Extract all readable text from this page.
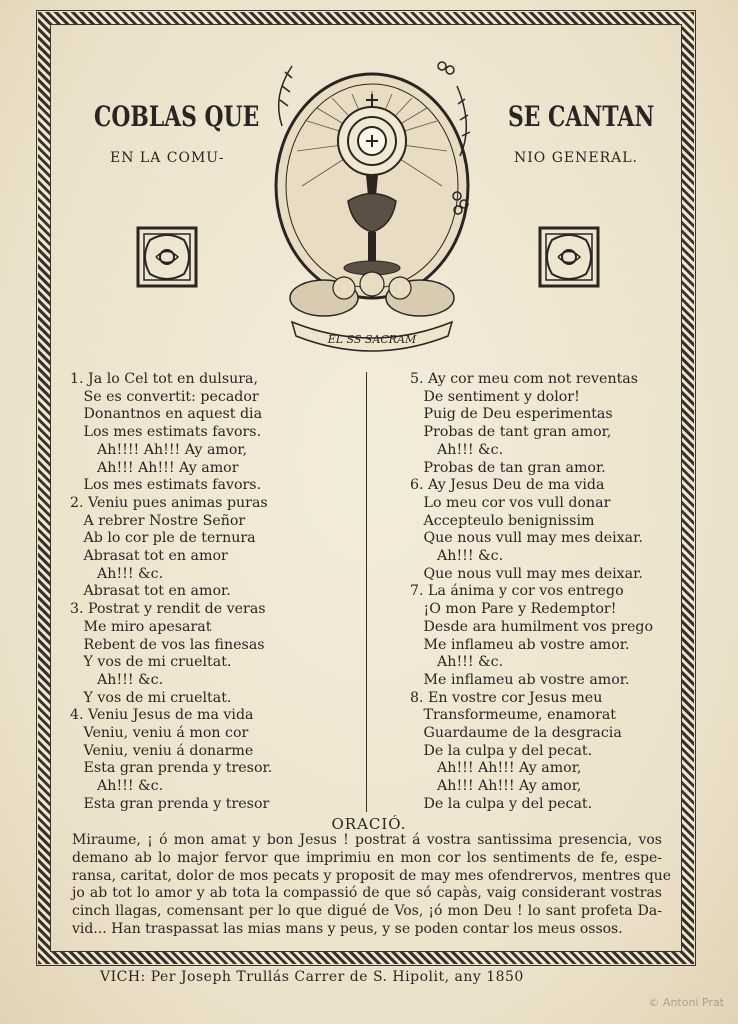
COBLAS QUE	SE CANTAN
EN LA COMU-	NIO GENERAL.
EL SS SACRAM
1. Ja lo Cel tot en dulsura,
Se es convertit: pecador
Donantnos en aquest dia
Los mes estimats favors.
Ah!!!! Ah!!! Ay amor,
Ah!!! Ah!!! Ay amor
Los mes estimats favors.
2. Veniu pues animas puras
A rebrer Nostre Señor
Ab lo cor ple de ternura
Abrasat tot en amor
Ah!!! &c.
Abrasat tot en amor.
3. Postrat y rendit de veras
Me miro apesarat
Rebent de vos las finesas
Y vos de mi crueltat.
Ah!!! &c.
Y vos de mi crueltat.
4. Veniu Jesus de ma vida
Veniu, veniu á mon cor
Veniu, veniu á donarme
Esta gran prenda y tresor.
Ah!!! &c.
Esta gran prenda y tresor
5. Ay cor meu com not reventas
De sentiment y dolor!
Puig de Deu esperimentas
Probas de tant gran amor,
Ah!!! &c.
Probas de tan gran amor.
6. Ay Jesus Deu de ma vida
Lo meu cor vos vull donar
Accepteulo benignissim
Que nous vull may mes deixar.
Ah!!! &c.
Que nous vull may mes deixar.
7. La ánima y cor vos entrego
¡O mon Pare y Redemptor!
Desde ara humilment vos prego
Me inflameu ab vostre amor.
Ah!!! &c.
Me inflameu ab vostre amor.
8. En vostre cor Jesus meu
Transformeume, enamorat
Guardaume de la desgracia
De la culpa y del pecat.
Ah!!! Ah!!! Ay amor,
Ah!!! Ah!!! Ay amor,
De la culpa y del pecat.
ORACIÓ.
Miraume, ¡ ó mon amat y bon Jesus ! postrat á vostra santissima presencia, vos
demano ab lo major fervor que imprimiu en mon cor los sentiments de fe, espe-
ransa, caritat, dolor de mos pecats y proposit de may mes ofendrervos, mentres que
jo ab tot lo amor y ab tota la compassió de que só capàs, vaig considerant vostras
cinch llagas, comensant per lo que digué de Vos, ¡ó mon Deu ! lo sant profeta Da-
vid... Han traspassat las mias mans y peus, y se poden contar los meus ossos.
VICH: Per Joseph Trullás Carrer de S. Hipolit, any 1850
© Antoni Prat
